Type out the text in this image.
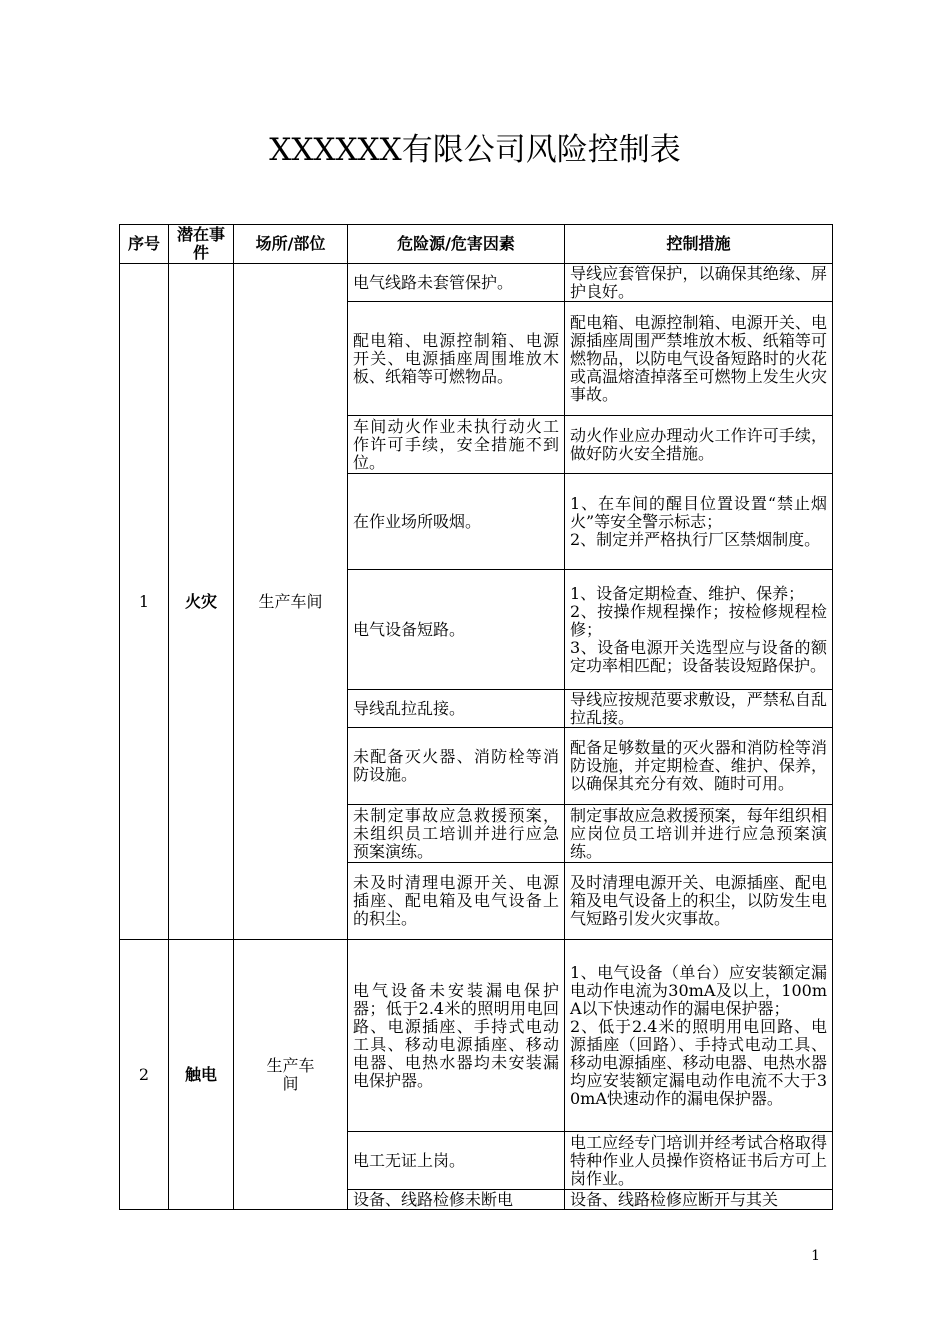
XXXXXX有限公司风险控制表
序号	潜在事件	场所/部位	危险源/危害因素	控制措施
1	火灾	生产车间	电气线路未套管保护。	导线应套管保护，以确保其绝缘、屏护良好。
			配电箱、电源控制箱、电源开关、电源插座周围堆放木板、纸箱等可燃物品。	配电箱、电源控制箱、电源开关、电源插座周围严禁堆放木板、纸箱等可燃物品，以防电气设备短路时的火花或高温熔渣掉落至可燃物上发生火灾事故。
			车间动火作业未执行动火工作许可手续，安全措施不到位。	动火作业应办理动火工作许可手续，做好防火安全措施。
			在作业场所吸烟。	1、在车间的醒目位置设置“禁止烟火”等安全警示标志；
2、制定并严格执行厂区禁烟制度。

			电气设备短路。	1、设备定期检查、维护、保养；
2、按操作规程操作；按检修规程检修；
3、设备电源开关选型应与设备的额定功率相匹配；设备装设短路保护。

			导线乱拉乱接。	导线应按规范要求敷设，严禁私自乱拉乱接。
			未配备灭火器、消防栓等消防设施。	配备足够数量的灭火器和消防栓等消防设施，并定期检查、维护、保养，以确保其充分有效、随时可用。
			未制定事故应急救援预案，未组织员工培训并进行应急预案演练。	制定事故应急救援预案，每年组织相应岗位员工培训并进行应急预案演练。
			未及时清理电源开关、电源插座、配电箱及电气设备上的积尘。	及时清理电源开关、电源插座、配电箱及电气设备上的积尘，以防发生电气短路引发火灾事故。
2	触电	生产车间	电气设备未安装漏电保护器；低于2.4米的照明用电回路、电源插座、手持式电动工具、移动电源插座、移动电器、电热水器均未安装漏电保护器。	1、电气设备（单台）应安装额定漏电动作电流为30mA及以上，100mA以下快速动作的漏电保护器；
2、低于2.4米的照明用电回路、电源插座（回路）、手持式电动工具、移动电源插座、移动电器、电热水器均应安装额定漏电动作电流不大于30mA快速动作的漏电保护器。

			电工无证上岗。	电工应经专门培训并经考试合格取得特种作业人员操作资格证书后方可上岗作业。
			设备、线路检修未断电	设备、线路检修应断开与其关
1
